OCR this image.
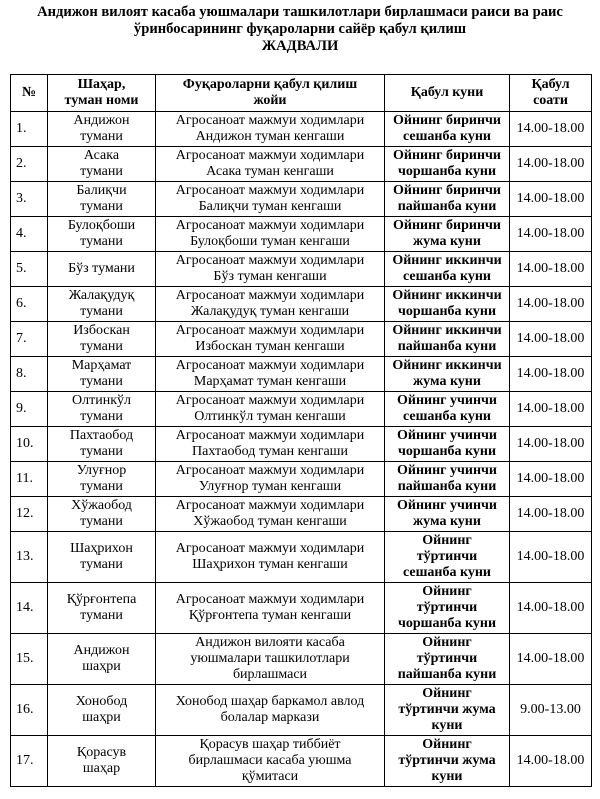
Андижон вилоят касаба уюшмалари ташкилотлари бирлашмаси раиси ва раис
ўринбосарининг фуқароларни сайёр қабул қилиш
ЖАДВАЛИ
№	Шаҳар,
туман номи	Фуқароларни қабул қилиш
жойи	Қабул куни	Қабул
соати
1.	Андижон
тумани	Агросаноат мажмуи ходимлари
Андижон туман кенгаши	Ойнинг биринчи
сешанба куни	14.00-18.00
2.	Асака
тумани	Агросаноат мажмуи ходимлари
Асака туман кенгаши	Ойнинг биринчи
чоршанба куни	14.00-18.00
3.	Балиқчи
тумани	Агросаноат мажмуи ходимлари
Балиқчи туман кенгаши	Ойнинг биринчи
пайшанба куни	14.00-18.00
4.	Булоқбоши
тумани	Агросаноат мажмуи ходимлари
Булоқбоши туман кенгаши	Ойнинг биринчи
жума куни	14.00-18.00
5.	Бўз тумани	Агросаноат мажмуи ходимлари
Бўз туман кенгаши	Ойнинг иккинчи
сешанба куни	14.00-18.00
6.	Жалақудуқ
тумани	Агросаноат мажмуи ходимлари
Жалақудуқ туман кенгаши	Ойнинг иккинчи
чоршанба куни	14.00-18.00
7.	Избоскан
тумани	Агросаноат мажмуи ходимлари
Избоскан туман кенгаши	Ойнинг иккинчи
пайшанба куни	14.00-18.00
8.	Марҳамат
тумани	Агросаноат мажмуи ходимлари
Марҳамат туман кенгаши	Ойнинг иккинчи
жума куни	14.00-18.00
9.	Олтинкўл
тумани	Агросаноат мажмуи ходимлари
Олтинкўл туман кенгаши	Ойнинг учинчи
сешанба куни	14.00-18.00
10.	Пахтаобод
тумани	Агросаноат мажмуи ходимлари
Пахтаобод туман кенгаши	Ойнинг учинчи
чоршанба куни	14.00-18.00
11.	Улуғнор
тумани	Агросаноат мажмуи ходимлари
Улуғнор туман кенгаши	Ойнинг учинчи
пайшанба куни	14.00-18.00
12.	Хўжаобод
тумани	Агросаноат мажмуи ходимлари
Хўжаобод туман кенгаши	Ойнинг учинчи
жума куни	14.00-18.00
13.	Шаҳрихон
тумани	Агросаноат мажмуи ходимлари
Шаҳрихон туман кенгаши	Ойнинг
тўртинчи
сешанба куни	14.00-18.00
14.	Қўрғонтепа
тумани	Агросаноат мажмуи ходимлари
Қўрғонтепа туман кенгаши	Ойнинг
тўртинчи
чоршанба куни	14.00-18.00
15.	Андижон
шаҳри	Андижон вилояти касаба
уюшмалари ташкилотлари
бирлашмаси	Ойнинг
тўртинчи
пайшанба куни	14.00-18.00
16.	Хонобод
шаҳри	Хонобод шаҳар баркамол авлод
болалар маркази	Ойнинг
тўртинчи жума
куни	9.00-13.00
17.	Қорасув
шаҳар	Қорасув шаҳар тиббиёт
бирлашмаси касаба уюшма
қўмитаси	Ойнинг
тўртинчи жума
куни	14.00-18.00
